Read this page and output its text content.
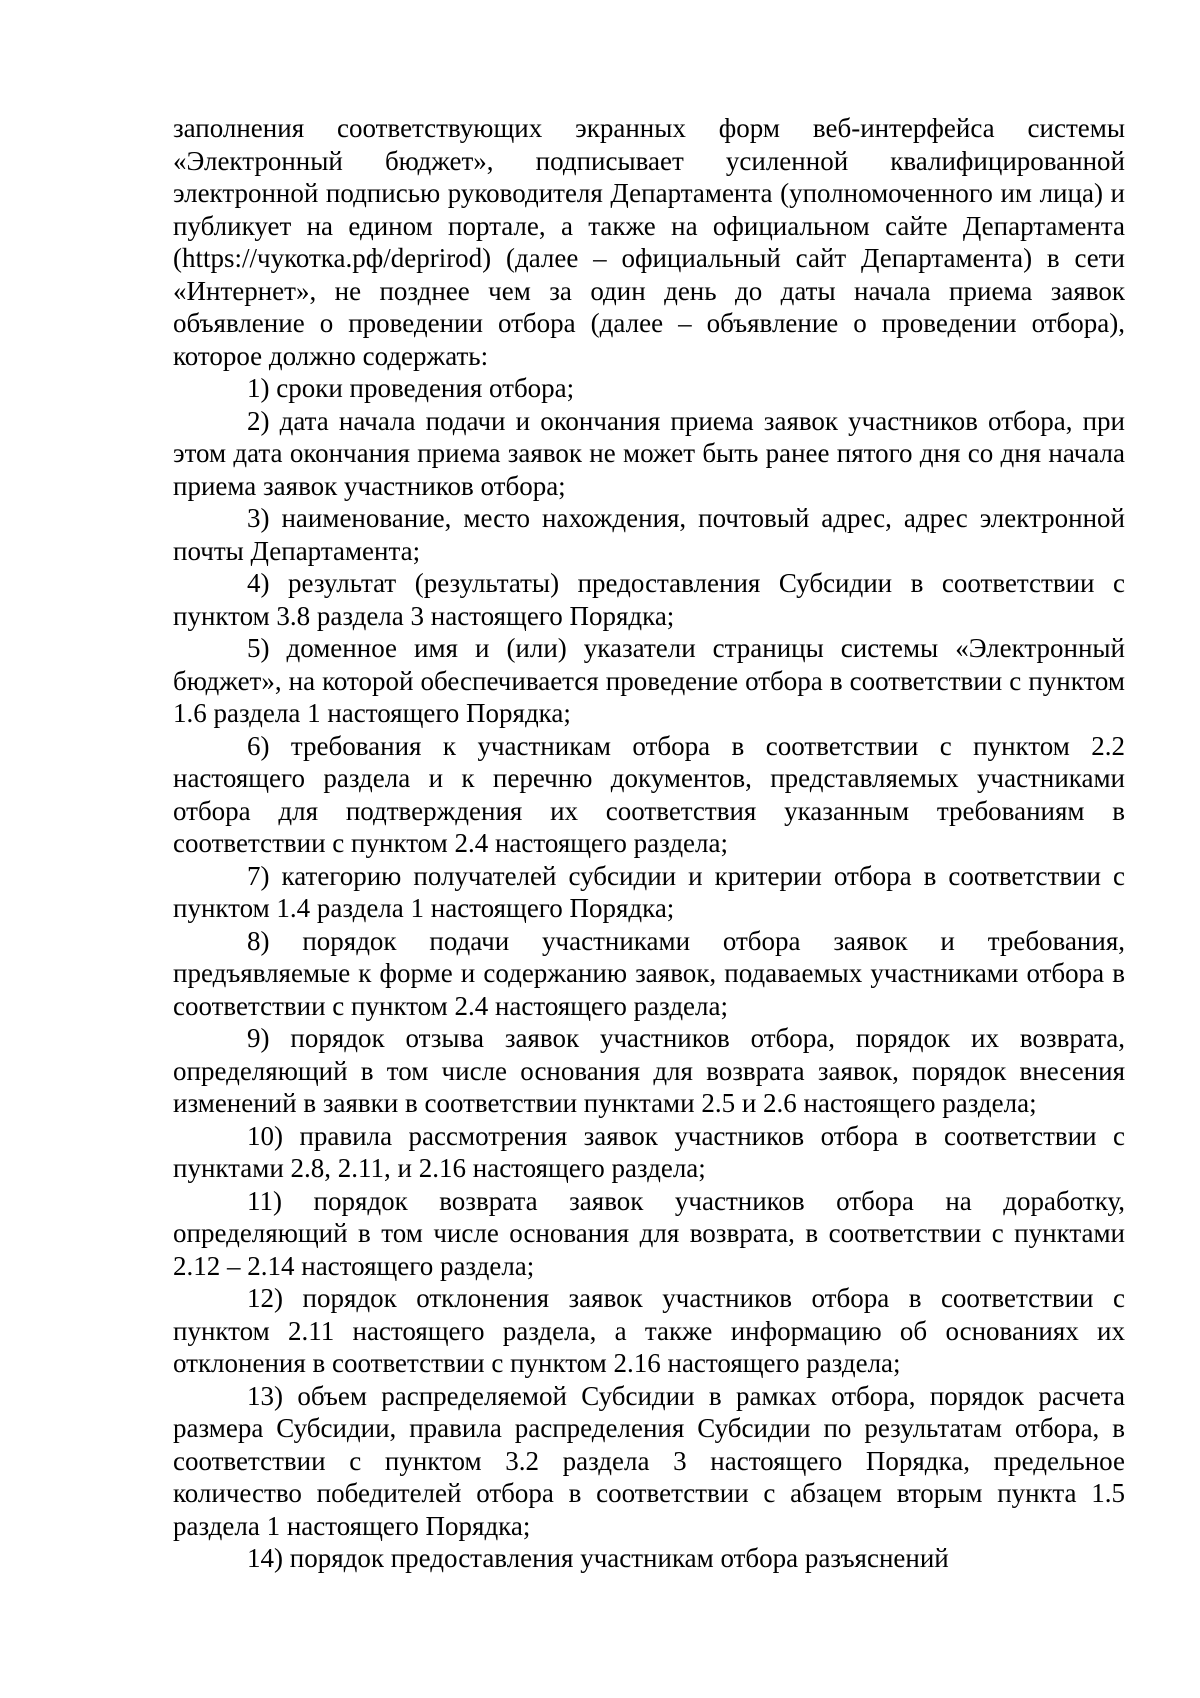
заполнения соответствующих экранных форм веб-интерфейса системы «Электронный бюджет», подписывает усиленной квалифицированной электронной подписью руководителя Департамента (уполномоченного им лица) и публикует на едином портале, а также на официальном сайте Департамента (https://чукотка.рф/deprirod) (далее – официальный сайт Департамента) в сети «Интернет», не позднее чем за один день до даты начала приема заявок объявление о проведении отбора (далее – объявление о проведении отбора), которое должно содержать:

1) сроки проведения отбора;

2) дата начала подачи и окончания приема заявок участников отбора, при этом дата окончания приема заявок не может быть ранее пятого дня со дня начала приема заявок участников отбора;

3) наименование, место нахождения, почтовый адрес, адрес электронной почты Департамента;

4) результат (результаты) предоставления Субсидии в соответствии с пунктом 3.8 раздела 3 настоящего Порядка;

5) доменное имя и (или) указатели страницы системы «Электронный бюджет», на которой обеспечивается проведение отбора в соответствии с пунктом 1.6 раздела 1 настоящего Порядка;

6) требования к участникам отбора в соответствии с пунктом 2.2 настоящего раздела и к перечню документов, представляемых участниками отбора для подтверждения их соответствия указанным требованиям в соответствии с пунктом 2.4 настоящего раздела;

7) категорию получателей субсидии и критерии отбора в соответствии с пунктом 1.4 раздела 1 настоящего Порядка;

8) порядок подачи участниками отбора заявок и требования, предъявляемые к форме и содержанию заявок, подаваемых участниками отбора в соответствии с пунктом 2.4 настоящего раздела;

9) порядок отзыва заявок участников отбора, порядок их возврата, определяющий в том числе основания для возврата заявок, порядок внесения изменений в заявки в соответствии пунктами 2.5 и 2.6 настоящего раздела;

10) правила рассмотрения заявок участников отбора в соответствии с пунктами 2.8, 2.11, и 2.16 настоящего раздела;

11) порядок возврата заявок участников отбора на доработку, определяющий в том числе основания для возврата, в соответствии с пунктами 2.12 – 2.14 настоящего раздела;

12) порядок отклонения заявок участников отбора в соответствии с пунктом 2.11 настоящего раздела, а также информацию об основаниях их отклонения в соответствии с пунктом 2.16 настоящего раздела;

13) объем распределяемой Субсидии в рамках отбора, порядок расчета размера Субсидии, правила распределения Субсидии по результатам отбора, в соответствии с пунктом 3.2 раздела 3 настоящего Порядка, предельное количество победителей отбора в соответствии с абзацем вторым пункта 1.5 раздела 1 настоящего Порядка;

14) порядок предоставления участникам отбора разъяснений
